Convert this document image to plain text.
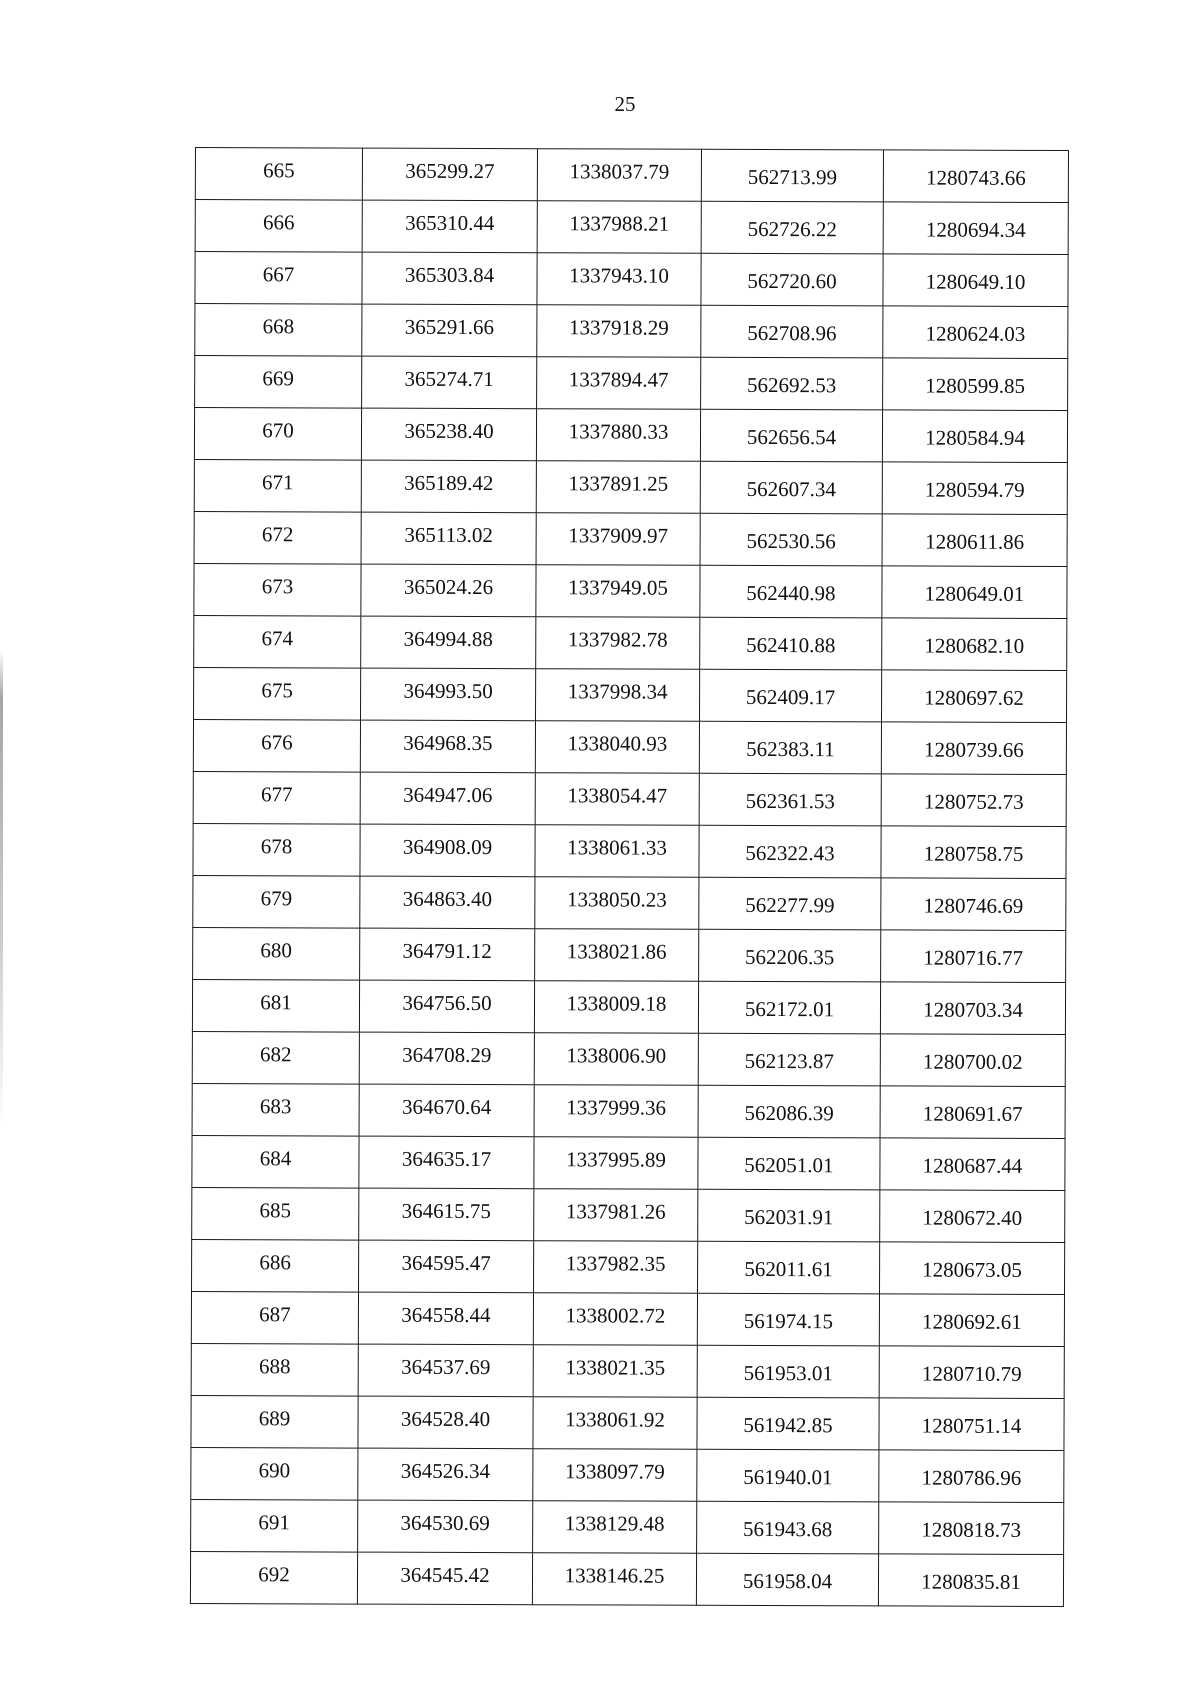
25
665	365299.27	1338037.79	562713.99	1280743.66
666	365310.44	1337988.21	562726.22	1280694.34
667	365303.84	1337943.10	562720.60	1280649.10
668	365291.66	1337918.29	562708.96	1280624.03
669	365274.71	1337894.47	562692.53	1280599.85
670	365238.40	1337880.33	562656.54	1280584.94
671	365189.42	1337891.25	562607.34	1280594.79
672	365113.02	1337909.97	562530.56	1280611.86
673	365024.26	1337949.05	562440.98	1280649.01
674	364994.88	1337982.78	562410.88	1280682.10
675	364993.50	1337998.34	562409.17	1280697.62
676	364968.35	1338040.93	562383.11	1280739.66
677	364947.06	1338054.47	562361.53	1280752.73
678	364908.09	1338061.33	562322.43	1280758.75
679	364863.40	1338050.23	562277.99	1280746.69
680	364791.12	1338021.86	562206.35	1280716.77
681	364756.50	1338009.18	562172.01	1280703.34
682	364708.29	1338006.90	562123.87	1280700.02
683	364670.64	1337999.36	562086.39	1280691.67
684	364635.17	1337995.89	562051.01	1280687.44
685	364615.75	1337981.26	562031.91	1280672.40
686	364595.47	1337982.35	562011.61	1280673.05
687	364558.44	1338002.72	561974.15	1280692.61
688	364537.69	1338021.35	561953.01	1280710.79
689	364528.40	1338061.92	561942.85	1280751.14
690	364526.34	1338097.79	561940.01	1280786.96
691	364530.69	1338129.48	561943.68	1280818.73
692	364545.42	1338146.25	561958.04	1280835.81
